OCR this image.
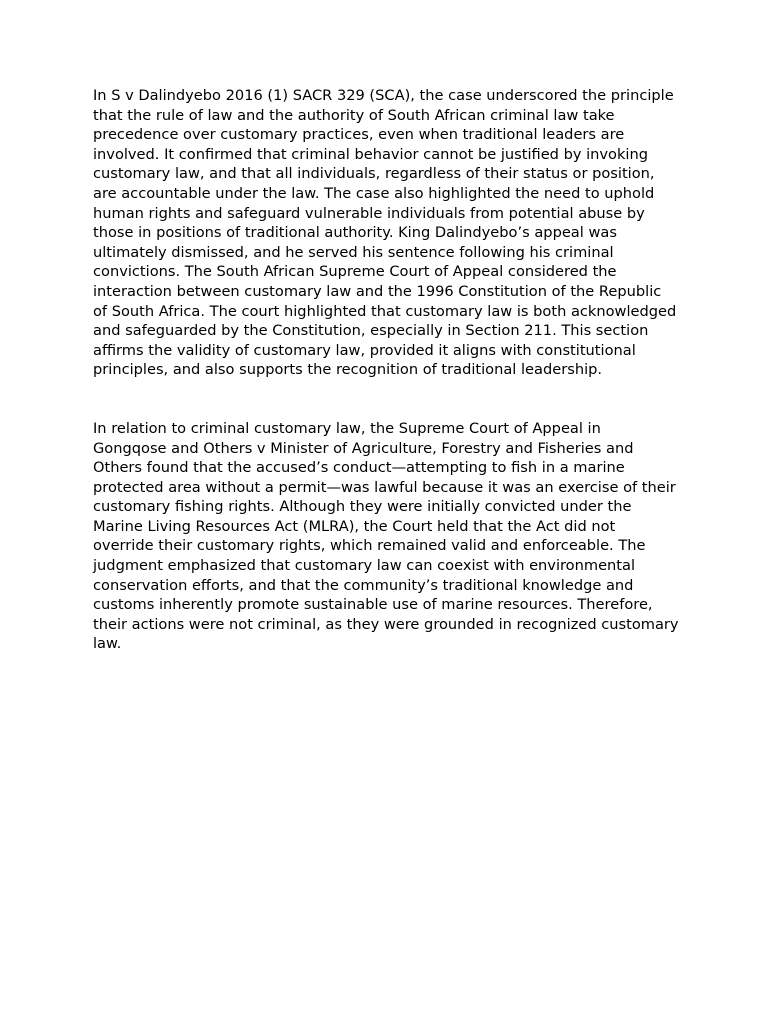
In S v Dalindyebo 2016 (1) SACR 329 (SCA), the case underscored the principle that the rule of law and the authority of South African criminal law take precedence over customary practices, even when traditional leaders are involved. It confirmed that criminal behavior cannot be justified by invoking customary law, and that all individuals, regardless of their status or position, are accountable under the law. The case also highlighted the need to uphold human rights and safeguard vulnerable individuals from potential abuse by those in positions of traditional authority. King Dalindyebo’s appeal was ultimately dismissed, and he served his sentence following his criminal convictions. The South African Supreme Court of Appeal considered the interaction between customary law and the 1996 Constitution of the Republic of South Africa. The court highlighted that customary law is both acknowledged and safeguarded by the Constitution, especially in Section 211. This section affirms the validity of customary law, provided it aligns with constitutional principles, and also supports the recognition of traditional leadership.

In relation to criminal customary law, the Supreme Court of Appeal in Gongqose and Others v Minister of Agriculture, Forestry and Fisheries and Others found that the accused’s conduct—attempting to fish in a marine protected area without a permit—was lawful because it was an exercise of their customary fishing rights. Although they were initially convicted under the Marine Living Resources Act (MLRA), the Court held that the Act did not override their customary rights, which remained valid and enforceable. The judgment emphasized that customary law can coexist with environmental conservation efforts, and that the community’s traditional knowledge and customs inherently promote sustainable use of marine resources. Therefore, their actions were not criminal, as they were grounded in recognized customary law.
